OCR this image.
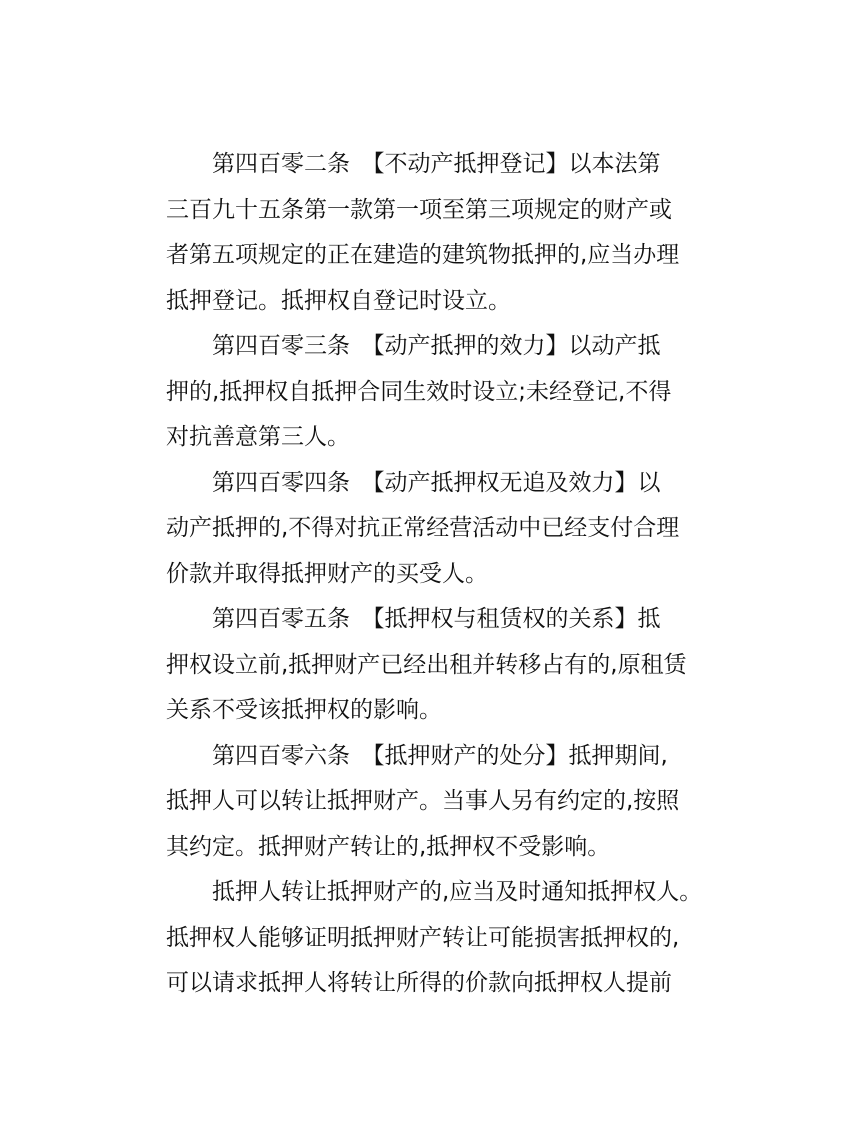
第四百零二条　【不动产抵押登记】以本法第
三百九十五条第一款第一项至第三项规定的财产或
者第五项规定的正在建造的建筑物抵押的,应当办理
抵押登记。抵押权自登记时设立。
第四百零三条　【动产抵押的效力】以动产抵
押的,抵押权自抵押合同生效时设立;未经登记,不得
对抗善意第三人。
第四百零四条　【动产抵押权无追及效力】以
动产抵押的,不得对抗正常经营活动中已经支付合理
价款并取得抵押财产的买受人。
第四百零五条　【抵押权与租赁权的关系】抵
押权设立前,抵押财产已经出租并转移占有的,原租赁
关系不受该抵押权的影响。
第四百零六条　【抵押财产的处分】抵押期间,
抵押人可以转让抵押财产。当事人另有约定的,按照
其约定。抵押财产转让的,抵押权不受影响。
抵押人转让抵押财产的,应当及时通知抵押权人。
抵押权人能够证明抵押财产转让可能损害抵押权的,
可以请求抵押人将转让所得的价款向抵押权人提前
